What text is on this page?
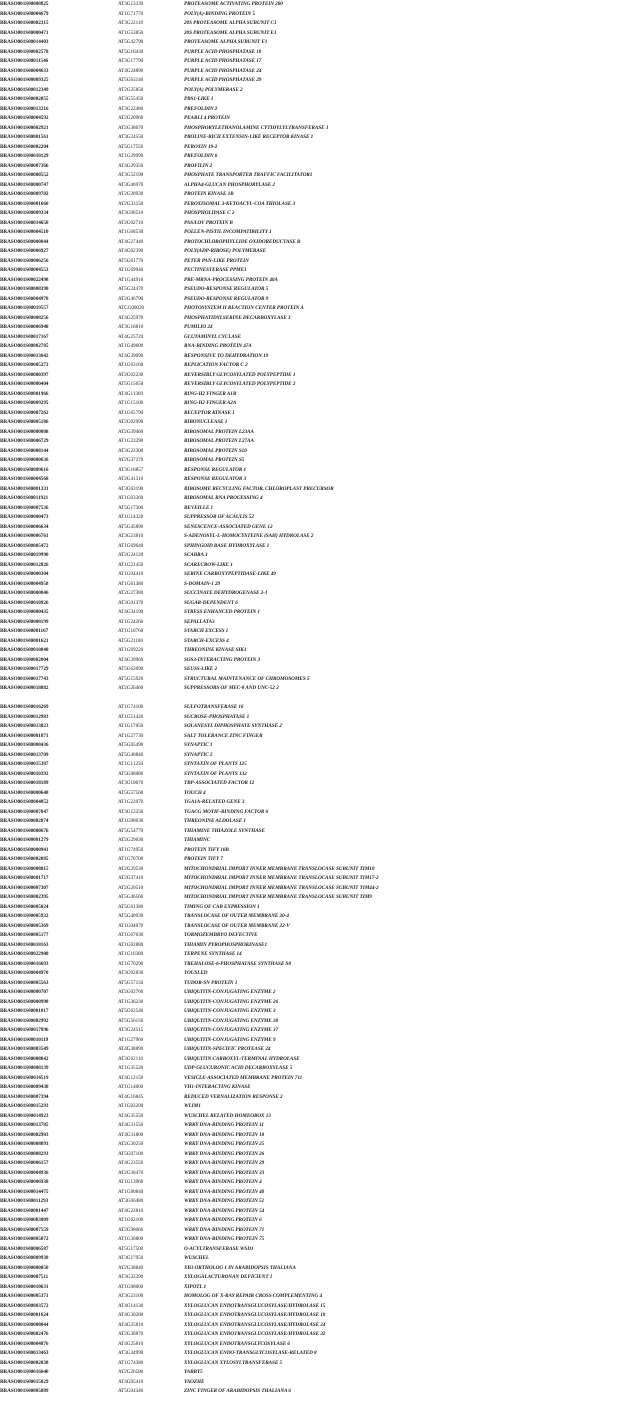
BRASO001S00008825	AT3G13330	PROTEASOME ACTIVATING PROTEIN 200
BRASO001S00004679	AT1G71770	POLY(A)-BINDING PROTEIN 5
BRASO001S00002315	AT3G22110	20S PROTEASOME ALPHA SUBUNIT C1
BRASO001S00000471	AT1G53850	20S PROTEASOME ALPHA SUBUNIT E1
BRASO001S00014403	AT5G42790	PROTEASOME ALPHA SUBUNIT F1
BRASO001S00002578	AT5G16430	PURPLE ACID PHOSPHATASE 10
BRASO001S00011546	AT3G17790	PURPLE ACID PHOSPHATASE 17
BRASO001S00004633	AT4G24890	PURPLE ACID PHOSPHATASE 24
BRASO001S00009325	AT5G63140	PURPLE ACID PHOSPHATASE 29
BRASO001S00012349	AT2G25850	POLY(A) POLYMERASE 2
BRASO001S00002055	AT3G55450	PBS1-LIKE 1
BRASO001S00013216	AT3G22480	PREFOLDIN 2
BRASO001S00004592	AT2G20960	PEARLI 4 PROTEIN
BRASO001S00002921	AT2G38670	PHOSPHORYLETHANOLAMINE CYTIDYLYLTRANSFERASE 1
BRASO001S00001561	AT3G24550	PROLINE-RICH EXTENSIN-LIKE RECEPTOR KINASE 1
BRASO001S00002204	AT5G17550	PEROXIN 19-2
BRASO001S00010129	AT1G29990	PREFOLDIN 6
BRASO001S00007366	AT4G29350	PROFILIN 2
BRASO001S00000552	AT3G52190	PHOSPHATE TRANSPORTER TRAFFIC FACILITATOR1
BRASO001S00000747	AT3G46970	ALPHA4-GLUCAN PHOSPHORYLASE 2
BRASO001S00009702	AT2G28930	PROTEIN KINASE 1B
BRASO001S00001660	AT2G33150	PEROXISOMAL 3-KETOACYL-COA THIOLASE 3
BRASO001S00009334	AT3G08510	PHOSPHOLIPASE C 2
BRASO001S00014650	AT2G02710	PAS/LOV PROTEIN B
BRASO001S00004510	AT1G68530	POLLEN-PISTIL INCOMPATIBILITY 1
BRASO001S00000844	AT4G27440	PROTOCHLOROPHYLLIDE OXIDOREDUCTASE B
BRASO001S00006927	AT4G02390	POLY(ADP-RIBOSE) POLYMERASE
BRASO001S00006256	AT5G61770	PETER PAN-LIKE PROTEIN
BRASO001S00004553	AT1G69940	PECTINESTERASE PPME1
BRASO001S00022498	AT1G44910	PRE-MRNA-PROCESSING PROTEIN 40A
BRASO001S00008390	AT5G24470	PSEUDO-RESPONSE REGULATOR 5
BRASO001S00004978	AT2G46790	PSEUDO-RESPONSE REGULATOR 9
BRASO001S00019557	ATCG00020	PHOTOSYSTEM II REACTION CENTER PROTEIN A
BRASO001S00008256	AT4G25970	PHOSPHATIDYLSERINE DECARBOXYLASE 3
BRASO001S00006940	AT3G16810	PUMILIO 24
BRASO001S00017167	AT4G25720	GLUTAMINYL CYCLASE
BRASO001S00002785	AT1G49600	RNA-BINDING PROTEIN 47A
BRASO001S00013642	AT4G39090	RESPONSIVE TO DEHYDRATION 19
BRASO001S00005273	AT1G63160	REPLICATION FACTOR C 2
BRASO001S00000397	AT2G02230	REVERSIBLY GLYCOSYLATED POLYPEPTIDE 1
BRASO001S00000404	AT5G15650	REVERSIBLY GLYCOSYLATED POLYPEPTIDE 2
BRASO001S00001966	AT4G11360	RING-H2 FINGER A1B
BRASO001S00009295	AT1G15100	RING-H2 FINGER A2A
BRASO001S00007262	AT1G65790	RECEPTOR KINASE 1
BRASO001S00005186	AT2G02990	RIBONUCLEASE 1
BRASO001S00000808	AT2G39460	RIBOSOMAL PROTEIN L23AA
BRASO001S00006729	AT1G23290	RIBOSOMAL PROTEIN L27AA
BRASO001S00008144	AT3G22300	RIBOSOMAL PROTEIN S10
BRASO001S00000636	AT2G37270	RIBOSOMAL PROTEIN S5
BRASO001S00009616	AT3G16857	RESPONSE REGULATOR 1
BRASO001S00004568	AT2G41310	RESPONSE REGULATOR 3
BRASO001S00001331	AT3G63190	RIBOSOME RECYCLING FACTOR, CHLOROPLAST PRECURSOR
BRASO001S00011921	AT1G03360	RIBOSOMAL RNA PROCESSING 4
BRASO001S00007536	AT5G17300	REVEILLE 1
BRASO001S00000473	AT1G14320	SUPPRESSOR OF ACAULIS 52
BRASO001S00006634	AT5G45890	SENESCENCE-ASSOCIATED GENE 12
BRASO001S00006761	AT3G23810	S-ADENOSYL-L-HOMOCYSTEINE (SAH) HYDROLASE 2
BRASO001S00005472	AT1G69640	SPHINGOID BASE HYDROXYLASE 1
BRASO001S00019990	AT2G24120	SCABRA 3
BRASO001S00012826	AT1G21450	SCARECROW-LIKE 1
BRASO001S00000304	AT1G04410	SERINE CARBOXYPEPTIDASE-LIKE 49
BRASO001S00004958	AT1G61380	S-DOMAIN-1 29
BRASO001S00000846	AT2G27380	SUCCINATE DEHYDROGENASE 2-1
BRASO001S00010926	AT3G01370	SUGAR-DEPENDENT 6
BRASO001S00000435	AT4G34190	STRESS ENHANCED PROTEIN 1
BRASO001S00008199	AT1G24260	SEPALLATA3
BRASO001S00001167	AT1G10760	STARCH EXCESS 1
BRASO001S00001621	AT5G21180	STARCH-EXCESS 4
BRASO001S00010840	AT1G69220	THREONINE KINASE SIK1
BRASO001S00002004	AT4G30960	SOS3-INTERACTING PROTEIN 3
BRASO001S00017729	AT5G62090	SEUSS-LIKE 2
BRASO001S00017743	AT5G15920	STRUCTURAL MAINTENANCE OF CHROMOSOMES 5
BRASO001S00018882	AT2G26460	SUPPRESSORS OF MEC-8 AND UNC-52 2

BRASO001S00016269	AT1G74100	SULFOTRANSFERASE 16
BRASO001S00012983	AT1G51420	SUCROSE-PHOSPHATASE 1
BRASO001S00013023	AT1G17050	SOLANESYL DIPHOSPHATE SYNTHASE 2
BRASO001S00001871	AT1G27730	SALT TOLERANCE ZINC FINGER
BRASO001S00008436	AT5G05490	SYNAPTIC 1
BRASO001S00013709	AT5G40840	SYNAPTIC 2
BRASO001S00015387	AT1G11250	SYNTAXIN OF PLANTS 125
BRASO001S00010392	AT5G08080	SYNTAXIN OF PLANTS 132
BRASO001S00018189	AT3G10070	TBP-ASSOCIATED FACTOR 12
BRASO001S00000648	AT5G57560	TOUCH 4
BRASO001S00004852	AT1G22070	TGA1A-RELATED GENE 3
BRASO001S00007047	AT3G12250	TGACG MOTIF-BINDING FACTOR 6
BRASO001S00002874	AT1G08630	THREONINE ALDOLASE 1
BRASO001S00000676	AT5G54770	THIAMINE THIAZOLE SYNTHASE
BRASO001S00001279	AT2G29630	THIAMINC
BRASO001S00000941	AT1G74950	PROTEIN TIFY 10B
BRASO001S00002085	AT1G70700	PROTEIN TIFY 7
BRASO001S00008815	AT2G29530	MITOCHONDRIAL IMPORT INNER MEMBRANE TRANSLOCASE SUBUNIT TIM10
BRASO001S00001717	AT2G37410	MITOCHONDRIAL IMPORT INNER MEMBRANE TRANSLOCASE SUBUNIT TIM17-2
BRASO001S00007307	AT2G20510	MITOCHONDRIAL IMPORT INNER MEMBRANE TRANSLOCASE SUBUNIT TIM44-2
BRASO001S00002395	AT5G46560	MITOCHONDRIAL IMPORT INNER MEMBRANE TRANSLOCASE SUBUNIT TIM9
BRASO001S00005024	AT5G61380	TIMING OF CAB EXPRESSION 1
BRASO001S00005932	AT5G40930	TRANSLOCASE OF OUTER MEMBRANE 20-4
BRASO001S00005369	AT1G04070	TRANSLOCASE OF OUTER MEMBRANE 22-V
BRASO001S00005177	AT1G67630	TORMOZEMBRYO DEFECTIVE
BRASO001S00018163	AT1G02880	THIAMIN PYROPHOSPHOKINASE1
BRASO001S00022900	AT1G16380	TERPENE SYNTHASE 14
BRASO001S00016693	AT1G70290	TREHALOSE-6-PHOSPHATASE SYNTHASE S8
BRASO001S00004970	AT3G02830	TOUSLED
BRASO001S00005563	AT5G57150	TUDOR-SN PROTEIN 1
BRASO001S00000707	AT2G02760	UBIQUITIN-CONJUGATING ENZYME 2
BRASO001S00000998	AT1G36230	UBIQUITIN-CONJUGATING ENZYME 26
BRASO001S00001017	AT5G62540	UBIQUITIN-CONJUGATING ENZYME 3
BRASO001S00002992	AT5G56150	UBIQUITIN-CONJUGATING ENZYME 30
BRASO001S00017896	AT3G24515	UBIQUITIN-CONJUGATING ENZYME 37
BRASO001S00010119	AT1G27960	UBIQUITIN-CONJUGATING ENZYME 9
BRASO001S00003549	AT4G38890	UBIQUITIN-SPECIFIC PROTEASE 24
BRASO001S00008842	AT3G62110	UBIQUITIN CARBOXYL-TERMINAL HYDROLASE
BRASO001S00008139	AT1G35520	UDP-GLUCURONIC ACID DECARBOXYLASE 5
BRASO001S00014519	AT4G12150	VESICLE-ASSOCIATED MEMBRANE PROTEIN 711
BRASO001S00009430	AT1G14000	VH1-INTERACTING KINASE
BRASO001S00007394	AT4G16845	REDUCED VERNALIZATION RESPONSE 2
BRASO001S00015293	AT1G02200	WLIM1
BRASO001S00014923	AT4G35550	WUSCHEL RELATED HOMEOBOX 13
BRASO001S00013785	AT4G31550	WRKY DNA-BINDING PROTEIN 11
BRASO001S00002983	AT4G31800	WRKY DNA-BINDING PROTEIN 18
BRASO001S00008093	AT2G30250	WRKY DNA-BINDING PROTEIN 25
BRASO001S00008293	AT5G07100	WRKY DNA-BINDING PROTEIN 26
BRASO001S00006157	AT4G23550	WRKY DNA-BINDING PROTEIN 29
BRASO001S00004936	AT2G38470	WRKY DNA-BINDING PROTEIN 33
BRASO001S00006938	AT1G13960	WRKY DNA-BINDING PROTEIN 4
BRASO001S00014475	AT1G80840	WRKY DNA-BINDING PROTEIN 40
BRASO001S00011293	AT3G66480	WRKY DNA-BINDING PROTEIN 51
BRASO001S00001447	AT4G22810	WRKY DNA-BINDING PROTEIN 54
BRASO001S00003809	AT1G62100	WRKY DNA-BINDING PROTEIN 6
BRASO001S00007559	AT2G98060	WRKY DNA-BINDING PROTEIN 71
BRASO001S00005072	AT1G30800	WRKY DNA-BINDING PROTEIN 75
BRASO001S00006587	AT5G17500	O-ACYLTRANSFERASE WSD1
BRASO001S00009938	AT3G17950	WUSCHEL
BRASO001S00000050	AT2G38840	XB3 ORTHOLOG 1 IN ARABIDOPSIS THALIANA
BRASO001S00007511	AT3G32390	XYLOGALACTURONAN DEFICIENT 1
BRASO001S00010631	AT1G08000	XIPOTL 1
BRASO001S00005371	AT3G23100	HOMOLOG OF X-RAY REPAIR CROSS COMPLEMENTING 4
BRASO001S00003572	AT4G14130	XYLOGLUCAN ENDOTRANSGLUCOSYLASE/HYDROLASE 15
BRASO001S00001624	AT4G30280	XYLOGLUCAN ENDOTRANSGLUCOSYLASE/HYDROLASE 18
BRASO001S00008044	AT4G25810	XYLOGLUCAN ENDOTRANSGLUCOSYLASE/HYDROLASE 24
BRASO001S00002476	AT2G36870	XYLOGLUCAN ENDOTRANSGLUCOSYLASE/HYDROLASE 32
BRASO001S00004876	AT4G25810	XYLOGLUCAN ENDOTRANSGLYCOSYLASE 6
BRASO001S00013463	AT3G44990	XYLOGLUCAN ENDO-TRANSGLYCOSYLASE-RELATED 8
BRASO001S00002038	AT1G74380	XYLOGLUCAN XYLOSYLTRANSFERASE 5
BRASO001S00016640	AT2G26580	YABBY5
BRASO001S00015029	AT4G05410	YAOZHE
BRASO001S00005889	AT5G04340	ZINC FINGER OF ARABIDOPSIS THALIANA 6
